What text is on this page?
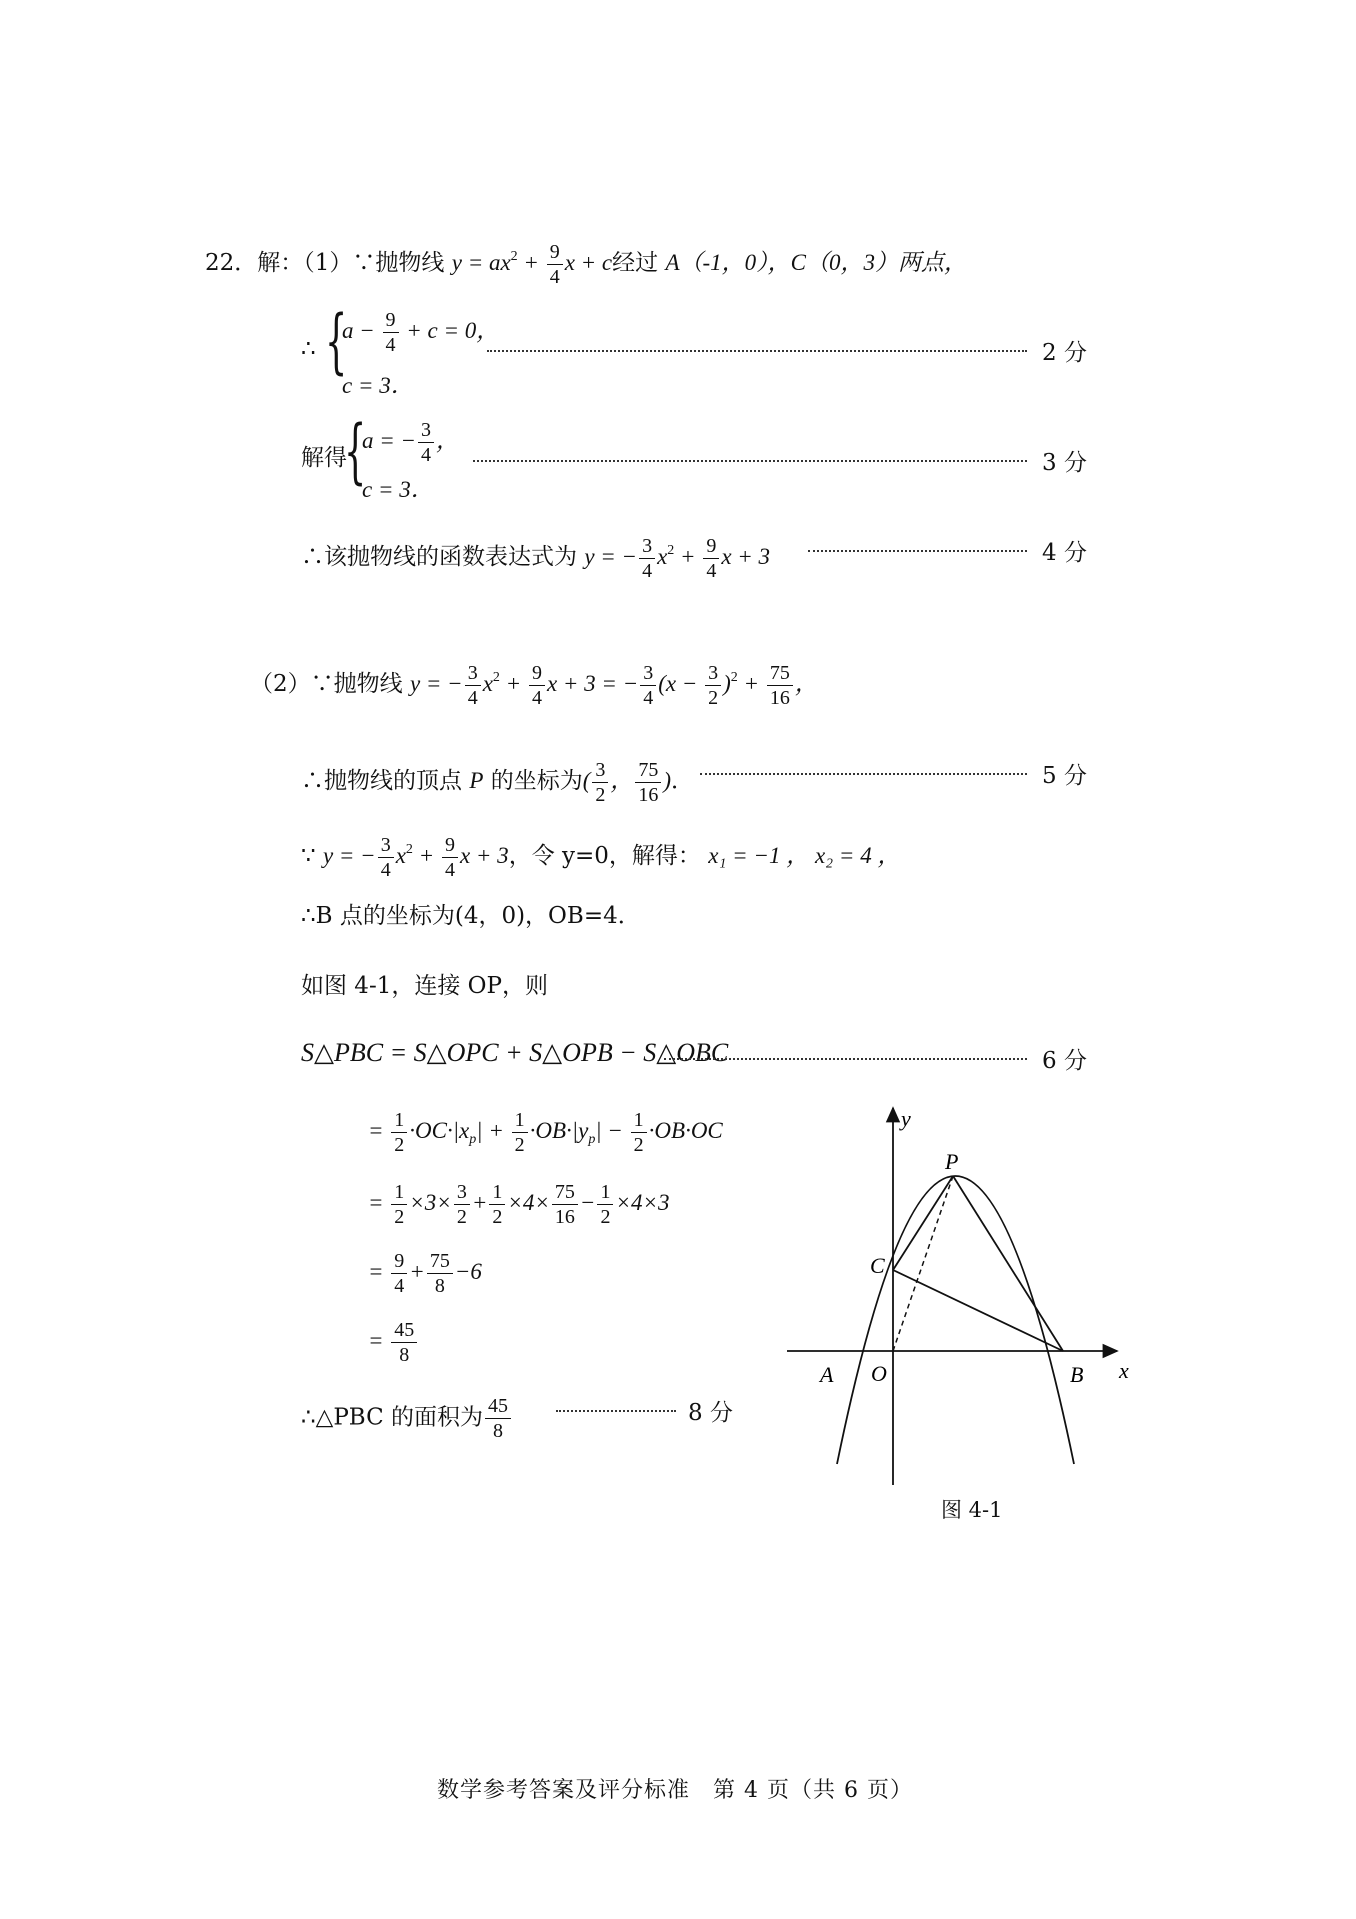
22．解：（1）∵抛物线 $y = ax^2 + \frac{9}{4}$ x + c经过 A（-1，0），C（0，3）两点，
∴ {
$a - \frac{9}{4} + c = 0$，
c = 3．
2 分
解得
{
a = − $\frac{3}{4}$ ，
c = 3．
3 分
∴该抛物线的函数表达式为 y = − $\frac{3}{4} x^2 + \frac{9}{4}$ x + 3	4 分
（2）∵抛物线 y = − $\frac{3}{4} x^2 + \frac{9}{4}$ x + 3 = − $\frac{3}{4} (x - \frac{3}{2} )^2 + \frac{75}{16}$ ，
∴抛物线的顶点 P 的坐标为( $\frac{3}{2}$ ， $\frac{75}{16}$ )．	5 分
∵ y = − $\frac{3}{4} x^2 + \frac{9}{4}$ x + 3，令 y=0，解得： x₁ = −1 ， x₂ = 4 ，
∴B 点的坐标为(4，0)，OB=4．
如图 4-1，连接 OP，则
S△PBC = S△OPC + S△OPB − S△OBC	6 分
= $\frac{1}{2} \cdot OC\cdot|x_p| + \frac{1}{2} \cdot OB\cdot|y_p| - \frac{1}{2} \cdot OB\cdot OC$
= $\frac{1}{2} \times 3\times \frac{3}{2} + \frac{1}{2} \times 4\times \frac{75}{16} - \frac{1}{2} \times 4\times 3$
= $\frac{9}{4} + \frac{75}{8} -6$
= $\frac{45}{8}$
∴△PBC 的面积为 $\frac{45}{8}$	8 分
y
P
C
A O	B x
图 4-1
数学参考答案及评分标准　第 4 页（共 6 页）
